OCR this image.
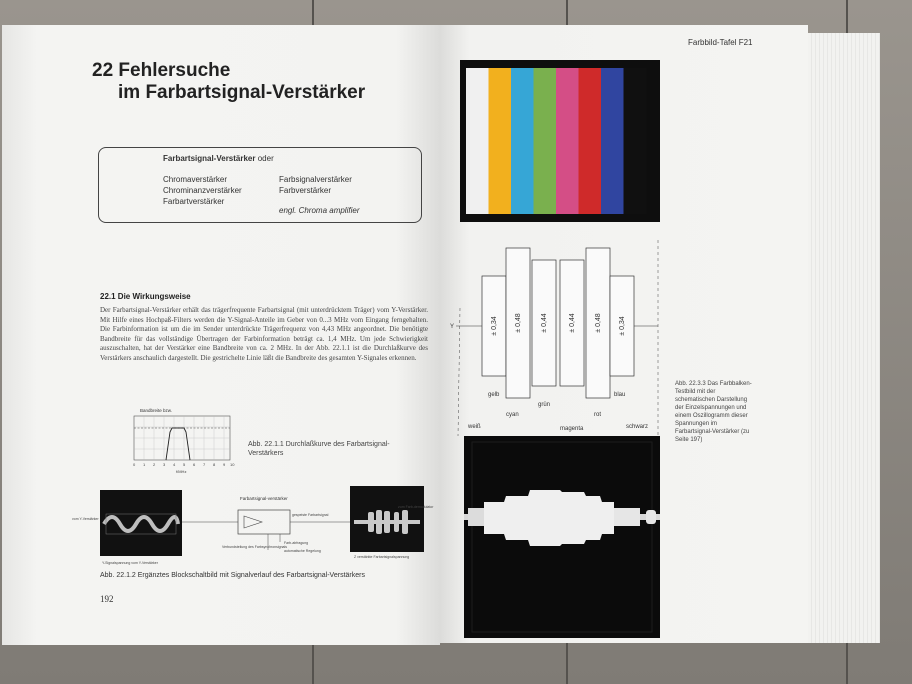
22 Fehlersuche
im Farbartsignal-Verstärker
Farbartsignal-Verstärker oder
Chromaverstärker
Chrominanzverstärker
Farbartverstärker
Farbsignalverstärker
Farbverstärker
engl. Chroma amplifier
22.1 Die Wirkungsweise
Der Farbartsignal-Verstärker erhält das trägerfrequente Farbartsignal (mit unterdrücktem Träger) vom Y-Verstärker. Mit Hilfe eines Hochpaß-Filters werden die Y-Signal-Anteile im Geber von 0...3 MHz vom Eingang ferngehalten. Die Farbinformation ist um die im Sender unterdrückte Trägerfrequenz von 4,43 MHz angeordnet. Die benötigte Bandbreite für das vollständige Übertragen der Farbinformation beträgt ca. 1,4 MHz. Um jede Schwierigkeit auszuschalten, hat der Verstärker eine Bandbreite von ca. 2 MHz. In der Abb. 22.1.1 ist die Durchlaßkurve des Verstärkers anschaulich dargestellt. Die gestrichelte Linie läßt die Bandbreite des gesamten Y-Signales erkennen.
Bandbreite bzw.
0 1 2 3 4 5 6 7 8 9 10
f/MHz
Abb. 22.1.1 Durchlaßkurve des Farbartsignal-Verstärkers
Y-Signalspannung vom Y-Verstärker
vom Y-Verstärker
Farbartsignal-verstärker
gespeiste Farbartsignal
Farb-abfragung
Verbundsteilung des Farbsynchronsignals
automatische Regelung
Z verstärkte Farbartsignalspannung
zum Farb-demodulator
Abb. 22.1.2 Ergänztes Blockschaltbild mit Signalverlauf des Farbartsignal-Verstärkers
192
Farbbild-Tafel F21
Y	± 0,34 ± 0,48	± 0,44	± 0,44	± 0,48 ± 0,34
gelb
grün
blau
cyan	rot
weiß	magenta	schwarz
Abb. 22.3.3 Das Farbbalken-Testbild mit der schematischen Darstellung der Einzelspannungen und einem Oszillogramm dieser Spannungen im Farbartsignal-Verstärker (zu Seite 197)
